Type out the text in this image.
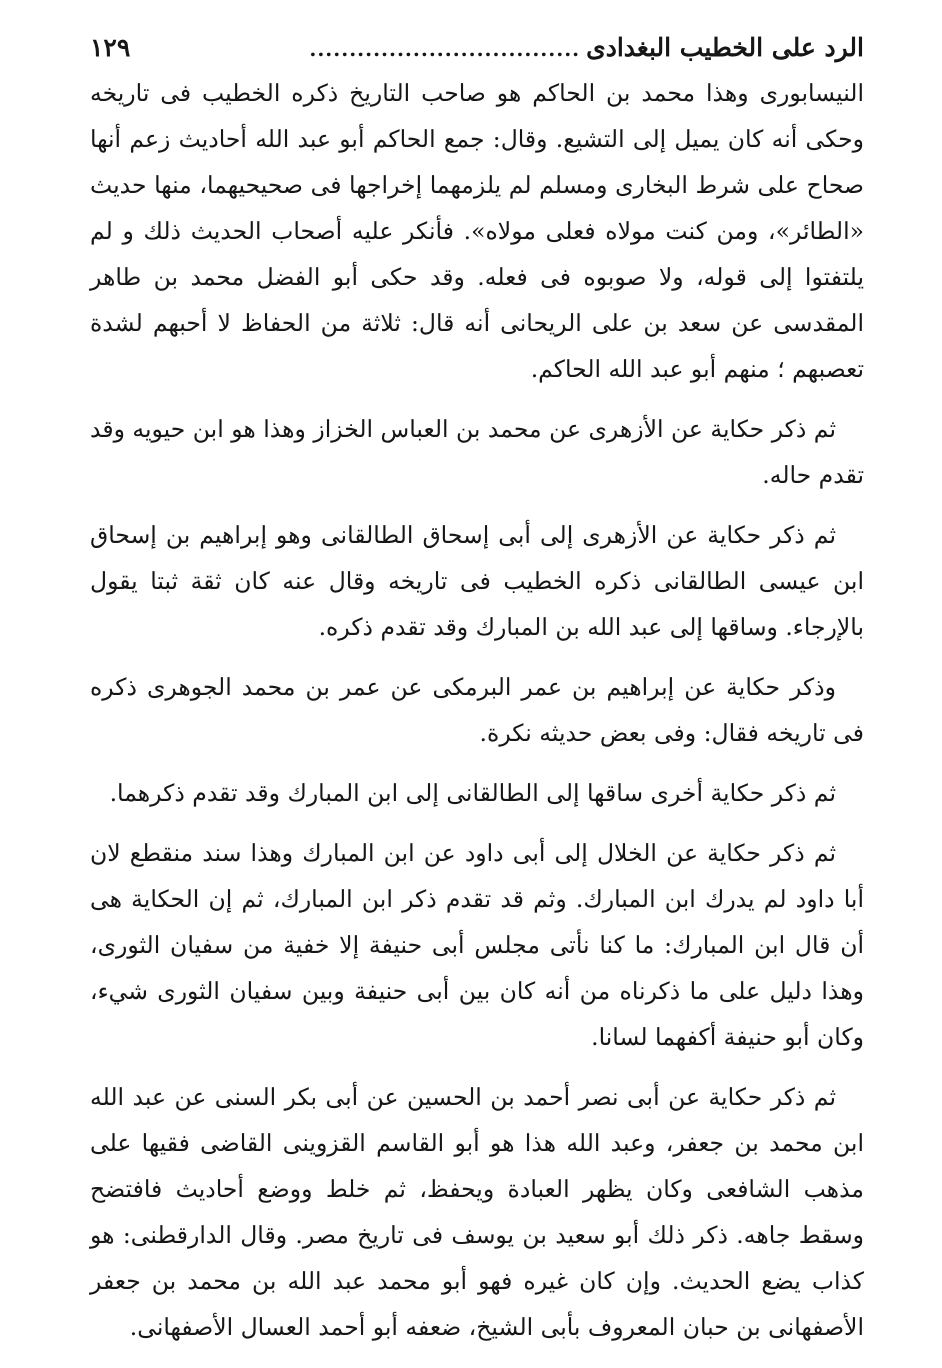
الرد على الخطيب البغدادى
..................................
١٢٩

النيسابورى وهذا محمد بن الحاكم هو صاحب التاريخ ذكره الخطيب فى تاريخه وحكى أنه كان يميل إلى التشيع. وقال: جمع الحاكم أبو عبد الله أحاديث زعم أنها صحاح على شرط البخارى ومسلم لم يلزمهما إخراجها فى صحيحيهما، منها حديث «الطائر»، ومن كنت مولاه فعلى مولاه». فأنكر عليه أصحاب الحديث ذلك و لم يلتفتوا إلى قوله، ولا صوبوه فى فعله. وقد حكى أبو الفضل محمد بن طاهر المقدسى عن سعد بن على الريحانى أنه قال: ثلاثة من الحفاظ لا أحبهم لشدة تعصبهم ؛ منهم أبو عبد الله الحاكم.

ثم ذكر حكاية عن الأزهرى عن محمد بن العباس الخزاز وهذا هو ابن حيويه وقد تقدم حاله.

ثم ذكر حكاية عن الأزهرى إلى أبى إسحاق الطالقانى وهو إبراهيم بن إسحاق ابن عيسى الطالقانى ذكره الخطيب فى تاريخه وقال عنه كان ثقة ثبتا يقول بالإرجاء. وساقها إلى عبد الله بن المبارك وقد تقدم ذكره.

وذكر حكاية عن إبراهيم بن عمر البرمكى عن عمر بن محمد الجوهرى ذكره فى تاريخه فقال: وفى بعض حديثه نكرة.

ثم ذكر حكاية أخرى ساقها إلى الطالقانى إلى ابن المبارك وقد تقدم ذكرهما.

ثم ذكر حكاية عن الخلال إلى أبى داود عن ابن المبارك وهذا سند منقطع لان أبا داود لم يدرك ابن المبارك. وثم قد تقدم ذكر ابن المبارك، ثم إن الحكاية هى أن قال ابن المبارك: ما كنا نأتى مجلس أبى حنيفة إلا خفية من سفيان الثورى، وهذا دليل على ما ذكرناه من أنه كان بين أبى حنيفة وبين سفيان الثورى شيء، وكان أبو حنيفة أكفهما لسانا.

ثم ذكر حكاية عن أبى نصر أحمد بن الحسين عن أبى بكر السنى عن عبد الله ابن محمد بن جعفر، وعبد الله هذا هو أبو القاسم القزوينى القاضى فقيها على مذهب الشافعى وكان يظهر العبادة ويحفظ، ثم خلط ووضع أحاديث فافتضح وسقط جاهه. ذكر ذلك أبو سعيد بن يوسف فى تاريخ مصر. وقال الدارقطنى: هو كذاب يضع الحديث. وإن كان غيره فهو أبو محمد عبد الله بن محمد بن جعفر الأصفهانى بن حبان المعروف بأبى الشيخ، ضعفه أبو أحمد العسال الأصفهانى.
